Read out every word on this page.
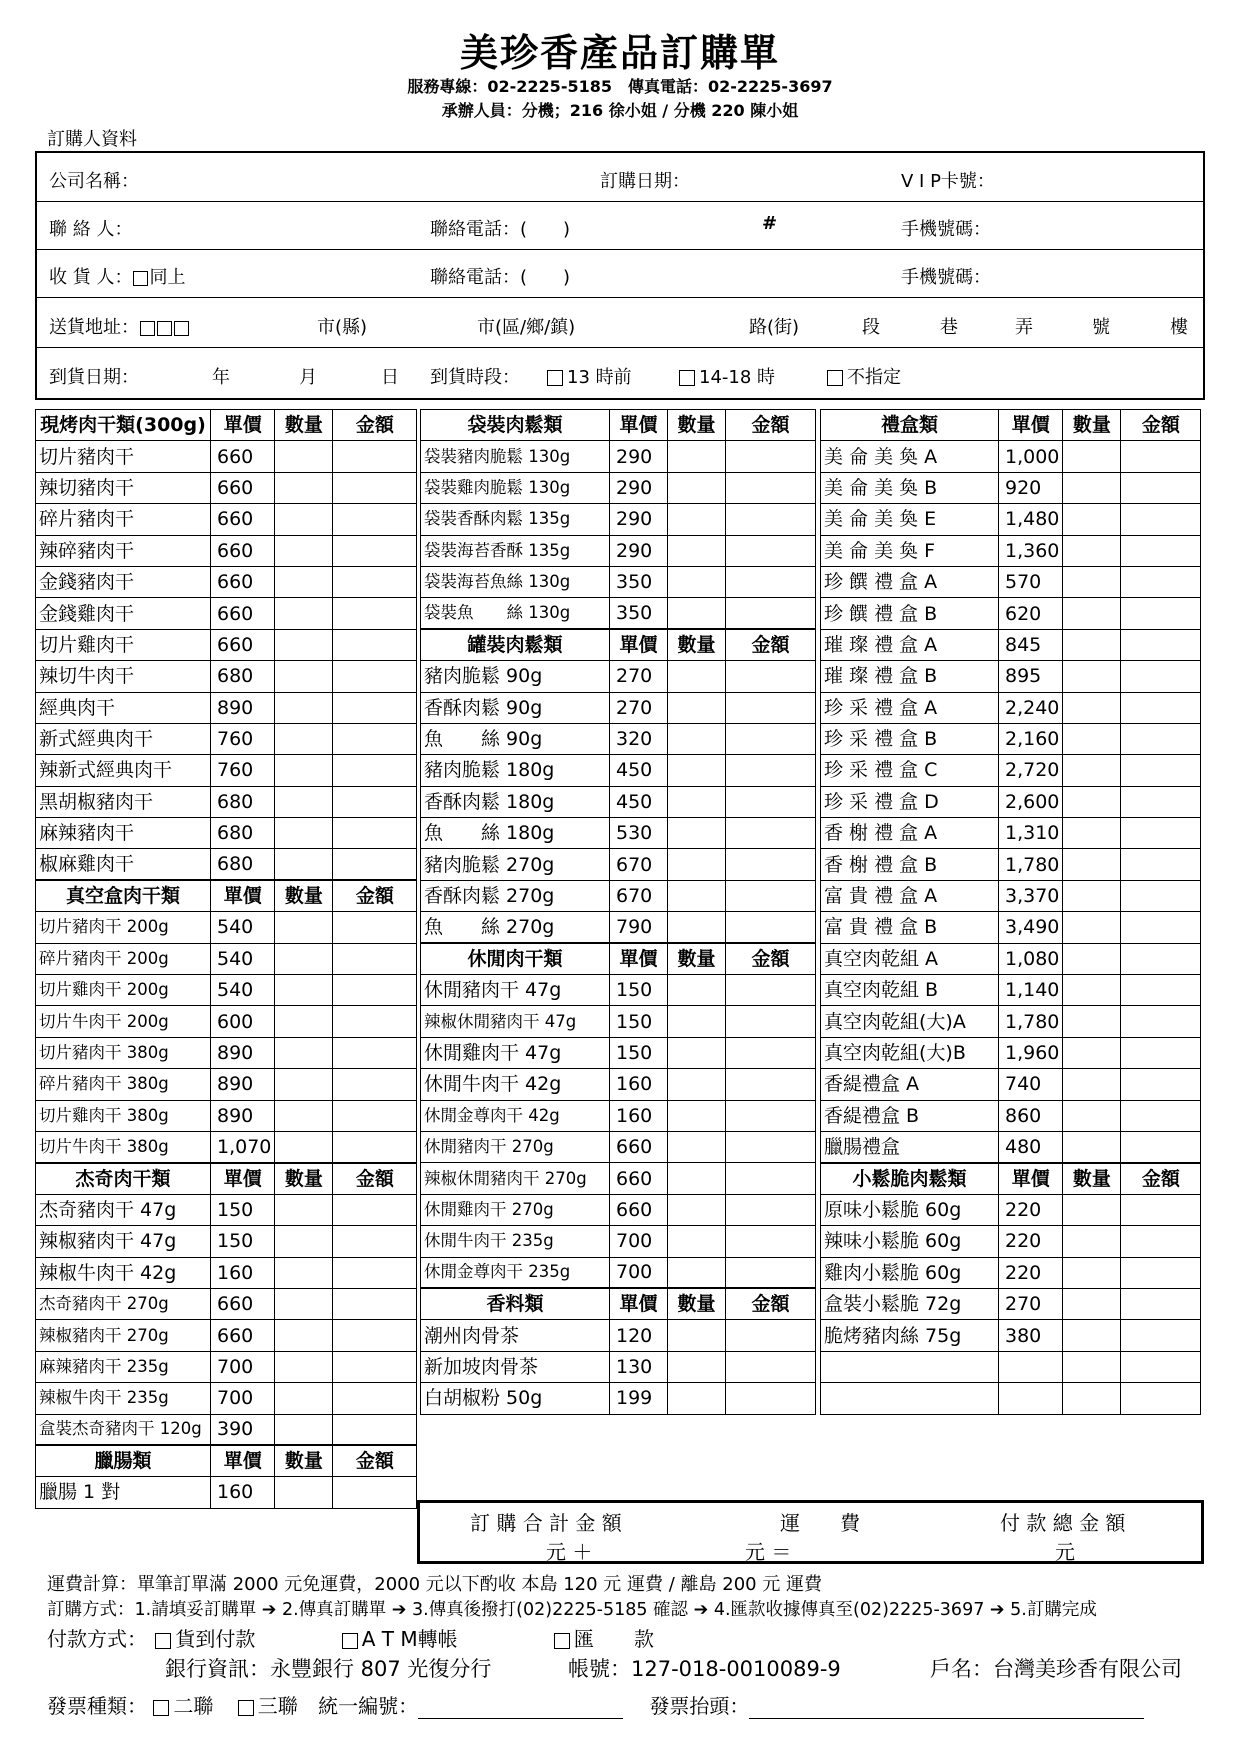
美珍香產品訂購單
服務專線：02-2225-5185　傳真電話：02-2225-3697
承辦人員：分機；216 徐小姐 / 分機 220 陳小姐
訂購人資料
公司名稱：	訂購日期：	V I P卡號：
聯 絡 人：	聯絡電話：(　　)	#	手機號碼：
收 貨 人： 同上	聯絡電話：(　　)	手機號碼：
送貨地址：	市(縣)	市(區/鄉/鎮)	路(街)	段	巷	弄	號	樓
到貨日期：	年	月	日 到貨時段：	13 時前	14-18 時	不指定
現烤肉干類(300g)	單價	數量	金額
切片豬肉干	660		
辣切豬肉干	660		
碎片豬肉干	660		
辣碎豬肉干	660		
金錢豬肉干	660		
金錢雞肉干	660		
切片雞肉干	660		
辣切牛肉干	680		
經典肉干	890		
新式經典肉干	760		
辣新式經典肉干	760		
黑胡椒豬肉干	680		
麻辣豬肉干	680		
椒麻雞肉干	680		
真空盒肉干類	單價	數量	金額
切片豬肉干 200g	540		
碎片豬肉干 200g	540		
切片雞肉干 200g	540		
切片牛肉干 200g	600		
切片豬肉干 380g	890		
碎片豬肉干 380g	890		
切片雞肉干 380g	890		
切片牛肉干 380g	1,070		
杰奇肉干類	單價	數量	金額
杰奇豬肉干 47g	150		
辣椒豬肉干 47g	150		
辣椒牛肉干 42g	160		
杰奇豬肉干 270g	660		
辣椒豬肉干 270g	660		
麻辣豬肉干 235g	700		
辣椒牛肉干 235g	700		
盒裝杰奇豬肉干 120g	390		
臘腸類	單價	數量	金額
臘腸 1 對	160		
袋裝肉鬆類	單價	數量	金額
袋裝豬肉脆鬆 130g	290		
袋裝雞肉脆鬆 130g	290		
袋裝香酥肉鬆 135g	290		
袋裝海苔香酥 135g	290		
袋裝海苔魚絲 130g	350		
袋裝魚　　絲 130g	350		
罐裝肉鬆類	單價	數量	金額
豬肉脆鬆 90g	270		
香酥肉鬆 90g	270		
魚　　絲 90g	320		
豬肉脆鬆 180g	450		
香酥肉鬆 180g	450		
魚　　絲 180g	530		
豬肉脆鬆 270g	670		
香酥肉鬆 270g	670		
魚　　絲 270g	790		
休閒肉干類	單價	數量	金額
休閒豬肉干 47g	150		
辣椒休閒豬肉干 47g	150		
休閒雞肉干 47g	150		
休閒牛肉干 42g	160		
休閒金尊肉干 42g	160		
休閒豬肉干 270g	660		
辣椒休閒豬肉干 270g	660		
休閒雞肉干 270g	660		
休閒牛肉干 235g	700		
休閒金尊肉干 235g	700		
香料類	單價	數量	金額
潮州肉骨茶	120		
新加坡肉骨茶	130		
白胡椒粉 50g	199		
禮盒類	單價	數量	金額
美 侖 美 奐 A	1,000		
美 侖 美 奐 B	920		
美 侖 美 奐 E	1,480		
美 侖 美 奐 F	1,360		
珍 饌 禮 盒 A	570		
珍 饌 禮 盒 B	620		
璀 璨 禮 盒 A	845		
璀 璨 禮 盒 B	895		
珍 采 禮 盒 A	2,240		
珍 采 禮 盒 B	2,160		
珍 采 禮 盒 C	2,720		
珍 采 禮 盒 D	2,600		
香 榭 禮 盒 A	1,310		
香 榭 禮 盒 B	1,780		
富 貴 禮 盒 A	3,370		
富 貴 禮 盒 B	3,490		
真空肉乾組 A	1,080		
真空肉乾組 B	1,140		
真空肉乾組(大)A	1,780		
真空肉乾組(大)B	1,960		
香緹禮盒 A	740		
香緹禮盒 B	860		
臘腸禮盒	480		
小鬆脆肉鬆類	單價	數量	金額
原味小鬆脆 60g	220		
辣味小鬆脆 60g	220		
雞肉小鬆脆 60g	220		
盒裝小鬆脆 72g	270		
脆烤豬肉絲 75g	380		

訂 購 合 計 金 額	運　　費	付 款 總 金 額
元 ＋	元 ＝	元
運費計算：單筆訂單滿 2000 元免運費，2000 元以下酌收 本島 120 元 運費 / 離島 200 元 運費
訂購方式：1.請填妥訂購單 ➔ 2.傳真訂購單 ➔ 3.傳真後撥打(02)2225-5185 確認 ➔ 4.匯款收據傳真至(02)2225-3697 ➔ 5.訂購完成
付款方式： 貨到付款	A T M轉帳	匯　　款
銀行資訊：永豐銀行 807 光復分行	帳號：127-018-0010089-9	戶名：台灣美珍香有限公司
發票種類： 二聯 三聯 統一編號：	發票抬頭：
